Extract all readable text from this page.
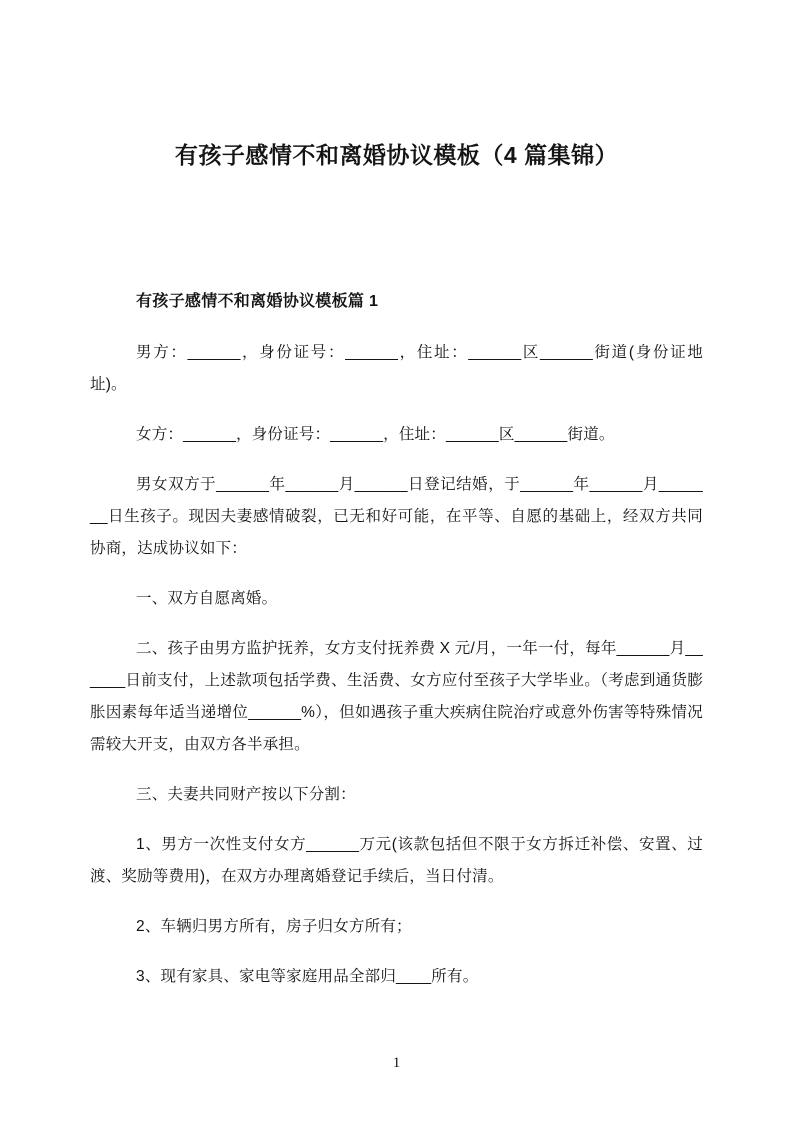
有孩子感情不和离婚协议模板（4 篇集锦）
有孩子感情不和离婚协议模板篇 1

男方：______，身份证号：______，住址：______区______街道(身份证地址)。

女方：______，身份证号：______，住址：______区______街道。

男女双方于______年______月______日登记结婚，于______年______月_______日生孩子。现因夫妻感情破裂，已无和好可能，在平等、自愿的基础上，经双方共同协商，达成协议如下：

一、双方自愿离婚。

二、孩子由男方监护抚养，女方支付抚养费 X 元/月，一年一付，每年______月______日前支付，上述款项包括学费、生活费、女方应付至孩子大学毕业。（考虑到通货膨胀因素每年适当递增位______%），但如遇孩子重大疾病住院治疗或意外伤害等特殊情况需较大开支，由双方各半承担。

三、夫妻共同财产按以下分割：

1、男方一次性支付女方______万元(该款包括但不限于女方拆迁补偿、安置、过渡、奖励等费用)，在双方办理离婚登记手续后，当日付清。

2、车辆归男方所有，房子归女方所有；

3、现有家具、家电等家庭用品全部归____所有。

1
